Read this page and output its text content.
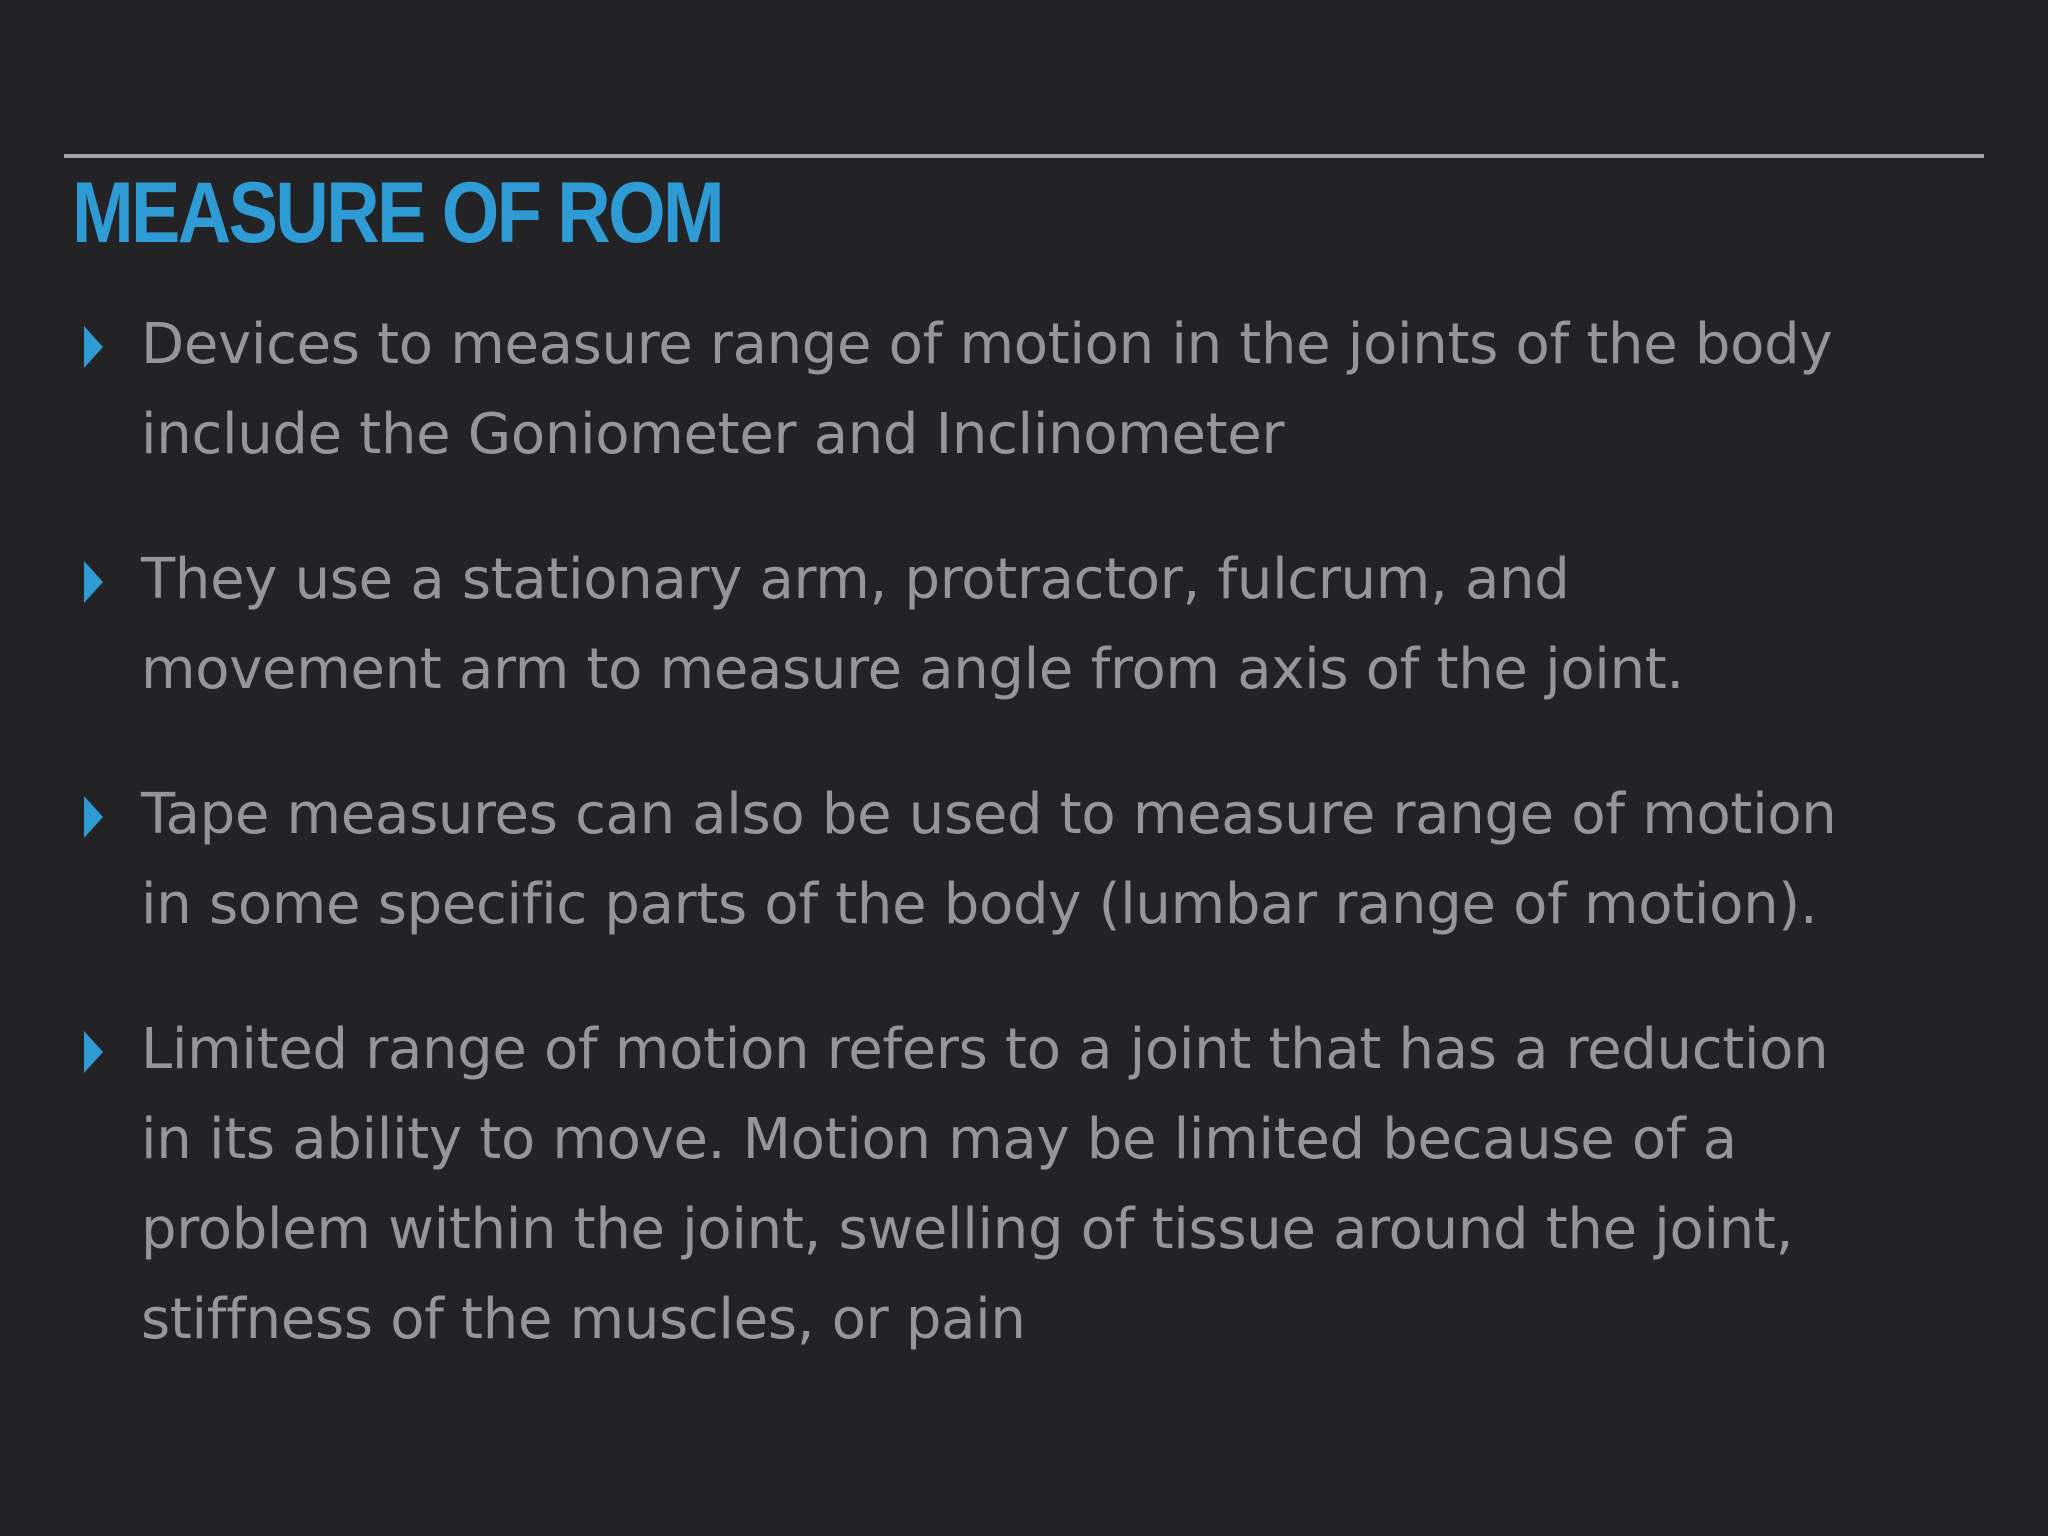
MEASURE OF ROM

Devices to measure range of motion in the joints of the body
include the Goniometer and Inclinometer

They use a stationary arm, protractor, fulcrum, and
movement arm to measure angle from axis of the joint.

Tape measures can also be used to measure range of motion
in some specific parts of the body (lumbar range of motion).

Limited range of motion refers to a joint that has a reduction
in its ability to move. Motion may be limited because of a
problem within the joint, swelling of tissue around the joint,
stiffness of the muscles, or pain
